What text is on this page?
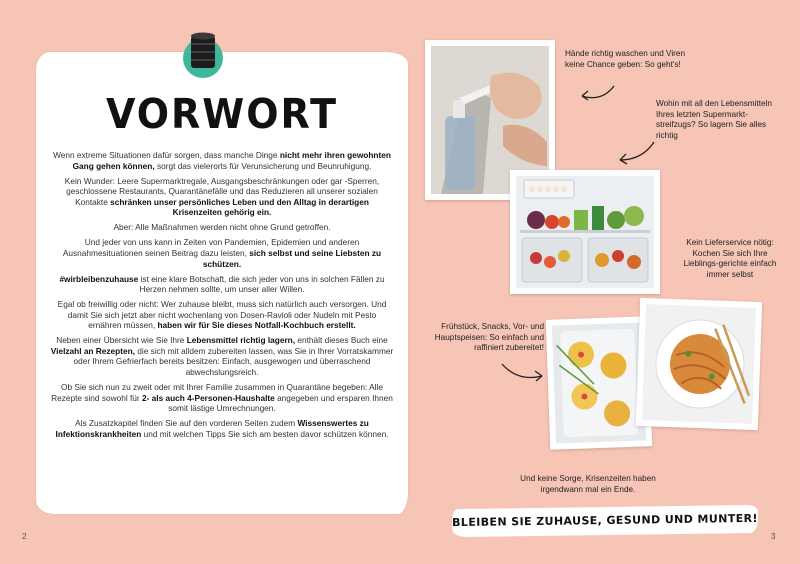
VORWORT

Wenn extreme Situationen dafür sorgen, dass manche Dinge nicht mehr ihren gewohnten Gang gehen können, sorgt das vielerorts für Verunsicherung und Beunruhigung.

Kein Wunder: Leere Supermarktregale, Ausgangsbeschränkungen oder gar -Sperren, geschlossene Restaurants, Quarantänefälle und das Reduzieren all unserer sozialen Kontakte schränken unser persönliches Leben und den Alltag in derartigen Krisenzeiten gehörig ein.

Aber: Alle Maßnahmen werden nicht ohne Grund getroffen.

Und jeder von uns kann in Zeiten von Pandemien, Epidemien und anderen Ausnahmesituationen seinen Beitrag dazu leisten, sich selbst und seine Liebsten zu schützen.

#wirbleibenzuhause ist eine klare Botschaft, die sich jeder von uns in solchen Fällen zu Herzen nehmen sollte, um unser aller Willen.

Egal ob freiwillig oder nicht: Wer zuhause bleibt, muss sich natürlich auch versorgen. Und damit Sie sich jetzt aber nicht wochenlang von Dosen-Ravioli oder Nudeln mit Pesto ernähren müssen, haben wir für Sie dieses Notfall-Kochbuch erstellt.

Neben einer Übersicht wie Sie Ihre Lebensmittel richtig lagern, enthält dieses Buch eine Vielzahl an Rezepten, die sich mit alldem zubereiten lassen, was Sie in Ihrer Vorratskammer oder Ihrem Gefrierfach bereits besitzen: Einfach, ausgewogen und überraschend abwechslungsreich.

Ob Sie sich nun zu zweit oder mit Ihrer Familie zusammen in Quarantäne begeben: Alle Rezepte sind sowohl für 2- als auch 4-Personen-Haushalte angegeben und ersparen Ihnen somit lästige Umrechnungen.

Als Zusatzkapitel finden Sie auf den vorderen Seiten zudem Wissenswertes zu Infektionskrankheiten und mit welchen Tipps Sie sich am besten davor schützen können.

2
Hände richtig waschen und Viren keine Chance geben: So geht's!
Wohin mit all den Lebensmitteln Ihres letzten Supermarkt-streifzugs? So lagern Sie alles richtig
Kein Lieferservice nötig: Kochen Sie sich Ihre Lieblings-gerichte einfach immer selbst
Frühstück, Snacks, Vor- und Hauptspeisen: So einfach und raffiniert zubereitet!
Und keine Sorge, Krisenzeiten haben irgendwann mal ein Ende.
BLEIBEN SIE ZUHAUSE, GESUND UND MUNTER!
3
